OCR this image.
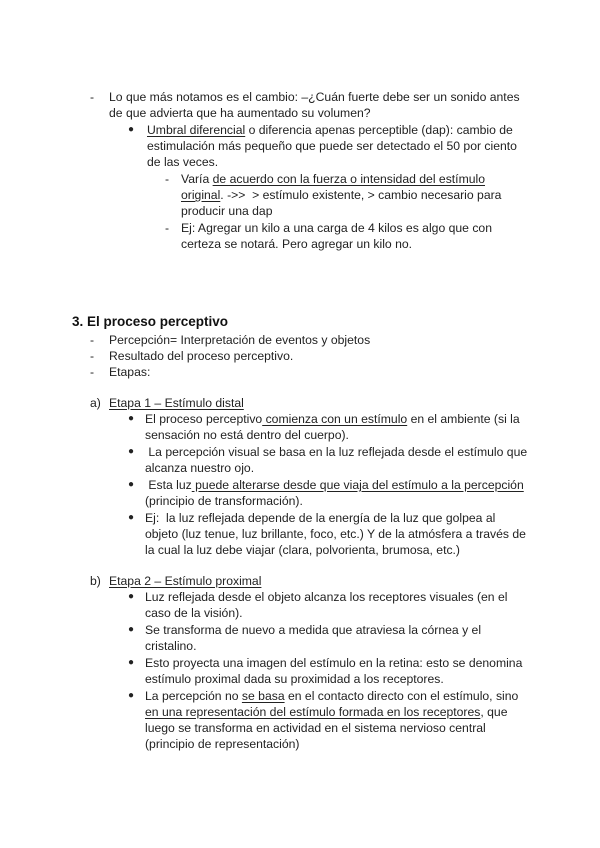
- Lo que más notamos es el cambio: –¿Cuán fuerte debe ser un sonido antes
de que advierta que ha aumentado su volumen?
● Umbral diferencial o diferencia apenas perceptible (dap): cambio de
estimulación más pequeño que puede ser detectado el 50 por ciento
de las veces.
- Varía de acuerdo con la fuerza o intensidad del estímulo
original. ->>  > estímulo existente, > cambio necesario para
producir una dap
- Ej: Agregar un kilo a una carga de 4 kilos es algo que con
certeza se notará. Pero agregar un kilo no.
3. El proceso perceptivo
- Percepción= Interpretación de eventos y objetos
- Resultado del proceso perceptivo.
- Etapas:
a) Etapa 1 – Estímulo distal
● El proceso perceptivo comienza con un estímulo en el ambiente (si la
sensación no está dentro del cuerpo).
● La percepción visual se basa en la luz reflejada desde el estímulo que
alcanza nuestro ojo.
● Esta luz puede alterarse desde que viaja del estímulo a la percepción
(principio de transformación).
● Ej:  la luz reflejada depende de la energía de la luz que golpea al
objeto (luz tenue, luz brillante, foco, etc.) Y de la atmósfera a través de
la cual la luz debe viajar (clara, polvorienta, brumosa, etc.)
b) Etapa 2 – Estímulo proximal
● Luz reflejada desde el objeto alcanza los receptores visuales (en el
caso de la visión).
● Se transforma de nuevo a medida que atraviesa la córnea y el
cristalino.
● Esto proyecta una imagen del estímulo en la retina: esto se denomina
estímulo proximal dada su proximidad a los receptores.
● La percepción no se basa en el contacto directo con el estímulo, sino
en una representación del estímulo formada en los receptores, que
luego se transforma en actividad en el sistema nervioso central
(principio de representación)
